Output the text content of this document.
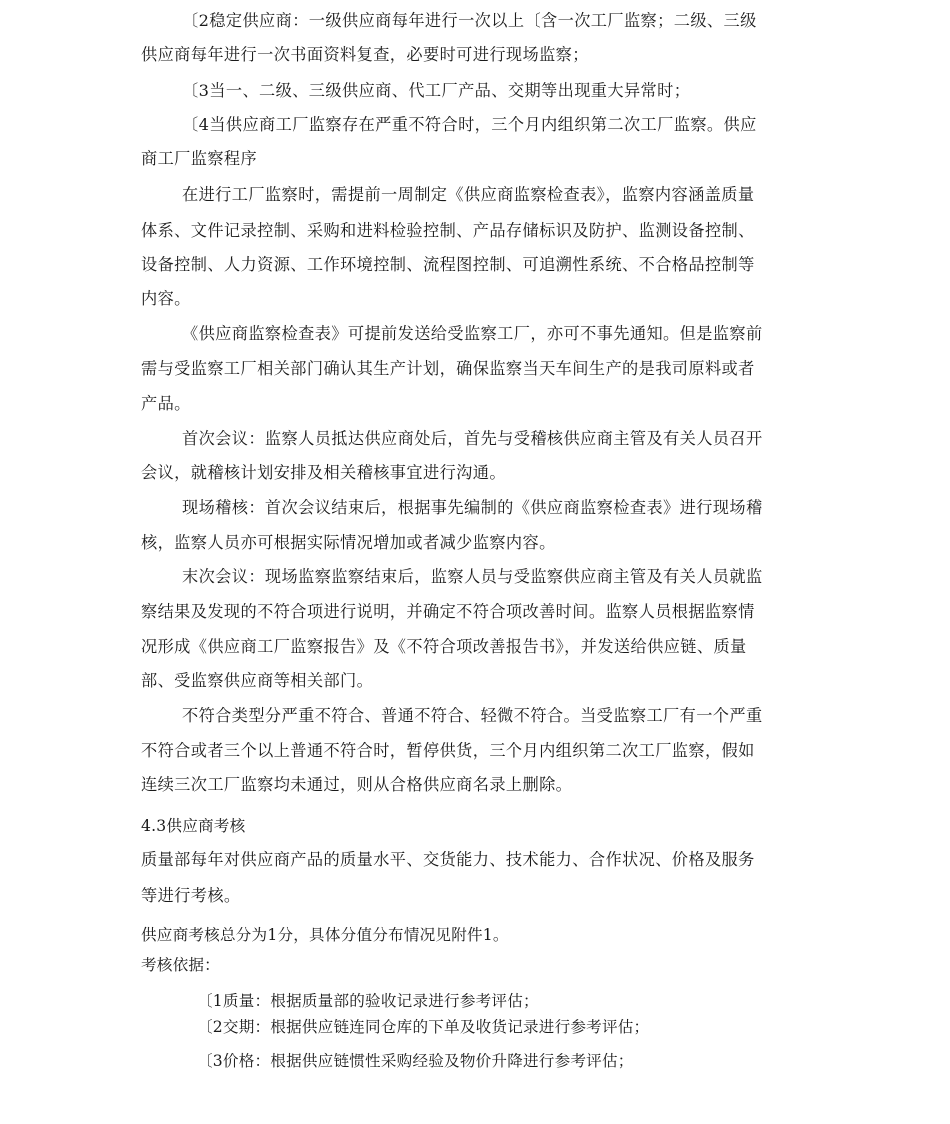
〔2稳定供应商：一级供应商每年进行一次以上〔含一次工厂监察；二级、三级

供应商每年进行一次书面资料复查，必要时可进行现场监察；

〔3当一、二级、三级供应商、代工厂产品、交期等出现重大异常时；

〔4当供应商工厂监察存在严重不符合时，三个月内组织第二次工厂监察。供应

商工厂监察程序

在进行工厂监察时，需提前一周制定《供应商监察检查表》，监察内容涵盖质量

体系、文件记录控制、采购和进料检验控制、产品存储标识及防护、监测设备控制、

设备控制、人力资源、工作环境控制、流程图控制、可追溯性系统、不合格品控制等

内容。

《供应商监察检查表》可提前发送给受监察工厂，亦可不事先通知。但是监察前

需与受监察工厂相关部门确认其生产计划，确保监察当天车间生产的是我司原料或者

产品。

首次会议：监察人员抵达供应商处后，首先与受稽核供应商主管及有关人员召开

会议，就稽核计划安排及相关稽核事宜进行沟通。

现场稽核：首次会议结束后，根据事先编制的《供应商监察检查表》进行现场稽

核，监察人员亦可根据实际情况增加或者减少监察内容。

末次会议：现场监察监察结束后，监察人员与受监察供应商主管及有关人员就监

察结果及发现的不符合项进行说明，并确定不符合项改善时间。监察人员根据监察情

况形成《供应商工厂监察报告》及《不符合项改善报告书》，并发送给供应链、质量

部、受监察供应商等相关部门。

不符合类型分严重不符合、普通不符合、轻微不符合。当受监察工厂有一个严重

不符合或者三个以上普通不符合时，暂停供货，三个月内组织第二次工厂监察，假如

连续三次工厂监察均未通过，则从合格供应商名录上删除。

4.3供应商考核

质量部每年对供应商产品的质量水平、交货能力、技术能力、合作状况、价格及服务

等进行考核。

供应商考核总分为1分，具体分值分布情况见附件1。

考核依据：

〔1质量：根据质量部的验收记录进行参考评估；

〔2交期：根据供应链连同仓库的下单及收货记录进行参考评估；

〔3价格：根据供应链惯性采购经验及物价升降进行参考评估；
